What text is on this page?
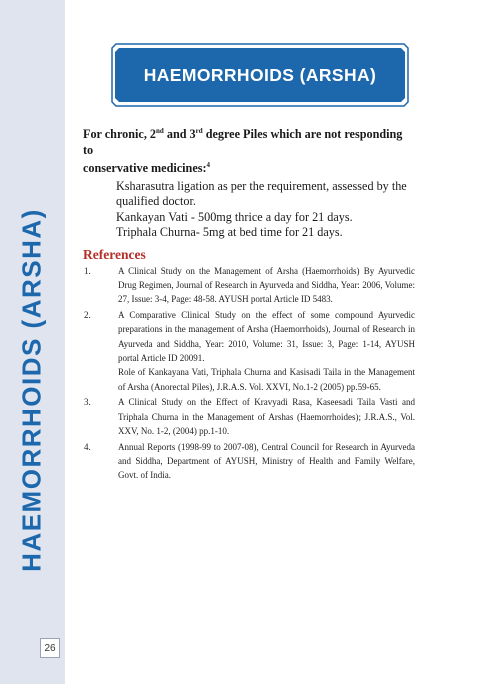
HAEMORRHOIDS (ARSHA)
26
HAEMORRHOIDS (ARSHA)
For chronic, 2nd and 3rd degree Piles which are not responding to
conservative medicines:$^4$
Ksharasutra ligation as per the requirement, assessed by the
qualified doctor.
Kankayan Vati - 500mg thrice a day for 21 days.
Triphala Churna- 5mg at bed time for 21 days.
References
1.	A Clinical Study on the Management of Arsha (Haemorrhoids) By Ayurvedic Drug Regimen, Journal of Research in Ayurveda and Siddha, Year: 2006, Volume: 27, Issue: 3-4, Page: 48-58. AYUSH portal Article ID 5483.

2.	A Comparative Clinical Study on the effect of some compound Ayurvedic preparations in the management of Arsha (Haemorrhoids), Journal of Research in Ayurveda and Siddha, Year: 2010, Volume: 31, Issue: 3, Page: 1-14, AYUSH portal Article ID 20091.

Role of Kankayana Vati, Triphala Churna and Kasisadi Taila in the Management of Arsha (Anorectal Piles), J.R.A.S. Vol. XXVI, No.1-2 (2005) pp.59-65.

3.	A Clinical Study on the Effect of Kravyadi Rasa, Kaseesadi Taila Vasti and Triphala Churna in the Management of Arshas (Haemorrhoides); J.R.A.S., Vol. XXV, No. 1-2, (2004) pp.1-10.

4.	Annual Reports (1998-99 to 2007-08), Central Council for Research in Ayurveda and Siddha, Department of AYUSH, Ministry of Health and Family Welfare, Govt. of India.
